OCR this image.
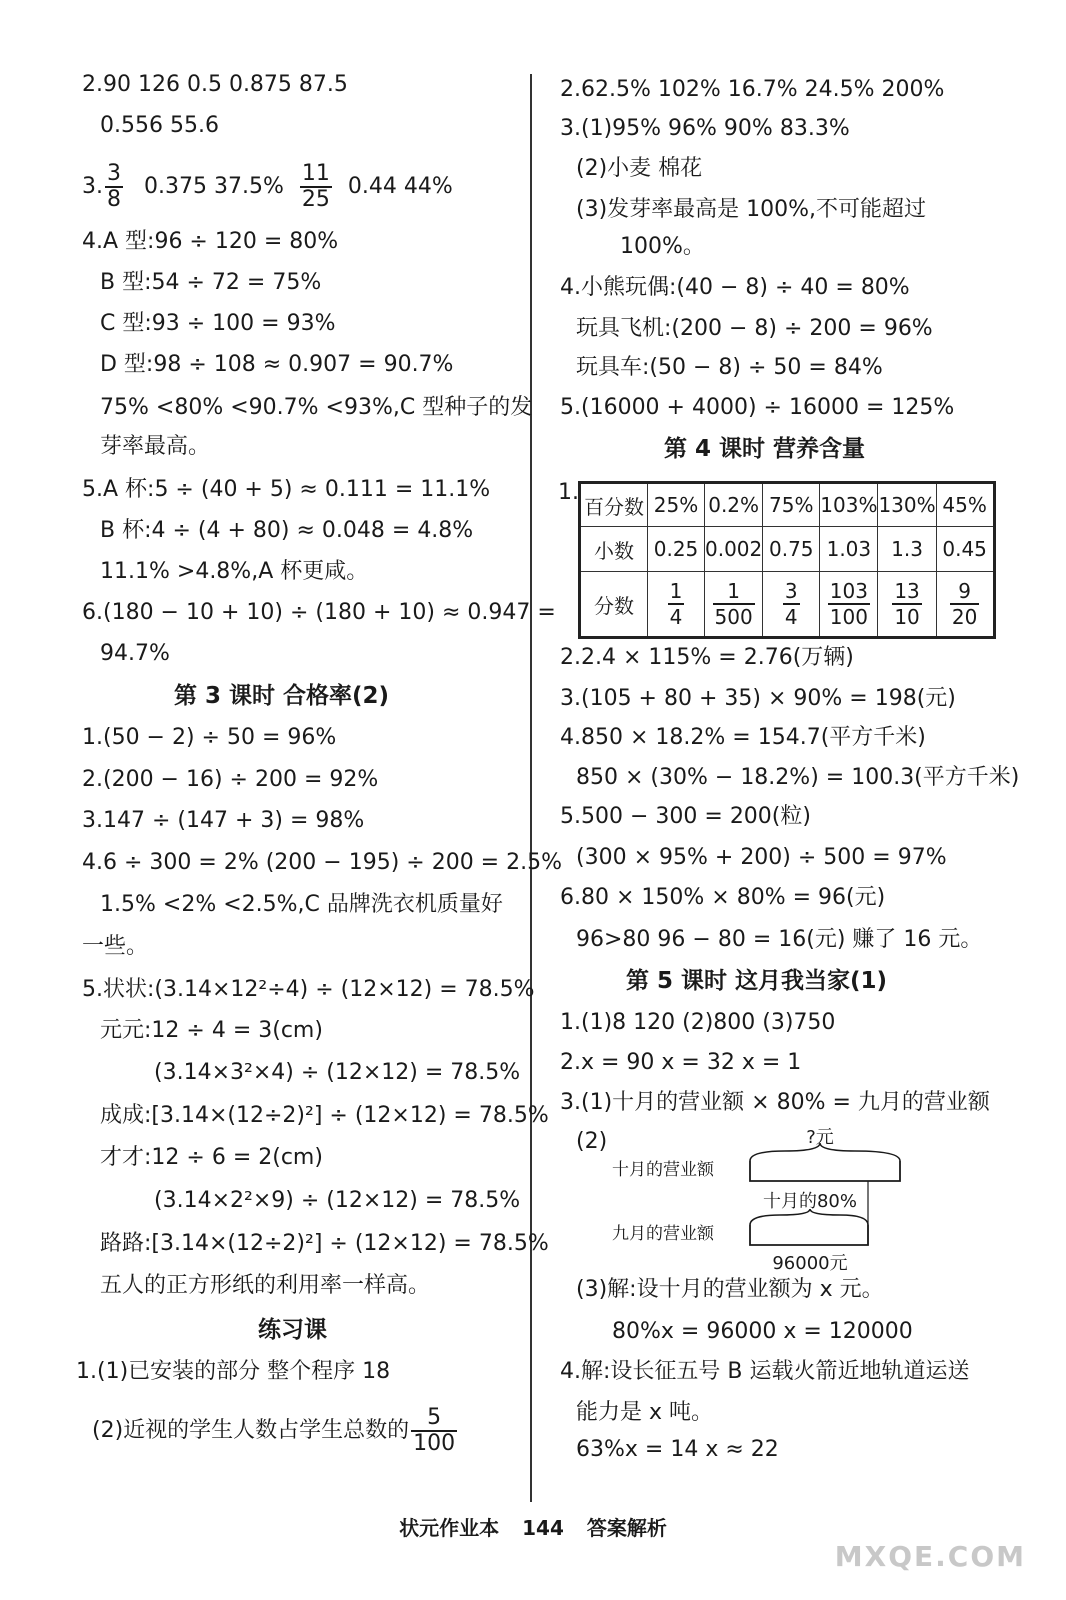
2.90 126 0.5 0.875 87.5
0.556 55.6
3. $\frac{3}{8} 0.375$ $37.5\% \frac{11}{25} 0.44$ 44%
4.A 型:96 ÷ 120 = 80%
B 型:54 ÷ 72 = 75%
C 型:93 ÷ 100 = 93%
D 型:98 ÷ 108 ≈ 0.907 = 90.7%
75% <80% <90.7% <93%,C 型种子的发
芽率最高。
5.A 杯:5 ÷ (40 + 5) ≈ 0.111 = 11.1%
B 杯:4 ÷ (4 + 80) ≈ 0.048 = 4.8%
11.1% >4.8%,A 杯更咸。
6.(180 − 10 + 10) ÷ (180 + 10) ≈ 0.947 =
94.7%
第 3 课时 合格率(2)
1.(50 − 2) ÷ 50 = 96%
2.(200 − 16) ÷ 200 = 92%
3.147 ÷ (147 + 3) = 98%
4.6 ÷ 300 = 2% (200 − 195) ÷ 200 = 2.5%
1.5% <2% <2.5%,C 品牌洗衣机质量好
一些。
5.状状:(3.14×12²÷4) ÷ (12×12) = 78.5%
元元:12 ÷ 4 = 3(cm)
(3.14×3²×4) ÷ (12×12) = 78.5%
成成:[3.14×(12÷2)²] ÷ (12×12) = 78.5%
才才:12 ÷ 6 = 2(cm)
(3.14×2²×9) ÷ (12×12) = 78.5%
路路:[3.14×(12÷2)²] ÷ (12×12) = 78.5%
五人的正方形纸的利用率一样高。
练习课
1.(1)已安装的部分 整个程序 18
(2)近视的学生人数占学生总数的 $\frac{5}{100}$
2.62.5% 102% 16.7% 24.5% 200%
3.(1)95% 96% 90% 83.3%
(2)小麦 棉花
(3)发芽率最高是 100%,不可能超过
100%。
4.小熊玩偶:(40 − 8) ÷ 40 = 80%
玩具飞机:(200 − 8) ÷ 200 = 96%
玩具车:(50 − 8) ÷ 50 = 84%
5.(16000 + 4000) ÷ 16000 = 125%
第 4 课时 营养含量
1.
百分数	25%	0.2%	75%	103%	130%	45%
小数	0.25	0.002	0.75	1.03	1.3	0.45
分数	$\frac{1}{4}$	$\frac{1}{500}$	$\frac{3}{4}$	$\frac{103}{100}$	$\frac{13}{10}$	$\frac{9}{20}$
2.2.4 × 115% = 2.76(万辆)
3.(105 + 80 + 35) × 90% = 198(元)
4.850 × 18.2% = 154.7(平方千米)
850 × (30% − 18.2%) = 100.3(平方千米)
5.500 − 300 = 200(粒)
(300 × 95% + 200) ÷ 500 = 97%
6.80 × 150% × 80% = 96(元)
96>80 96 − 80 = 16(元) 赚了 16 元。
第 5 课时 这月我当家(1)
1.(1)8 120 (2)800 (3)750
2.x = 90 x = 32 x = 1
3.(1)十月的营业额 × 80% = 九月的营业额
(2)	?元
十月的营业额
十月的80%
九月的营业额
96000元
(3)解:设十月的营业额为 x 元。
80%x = 96000 x = 120000
4.解:设长征五号 B 运载火箭近地轨道运送
能力是 x 吨。
63%x = 14 x ≈ 22
状元作业本 144 答案解析
MXQE.COM
